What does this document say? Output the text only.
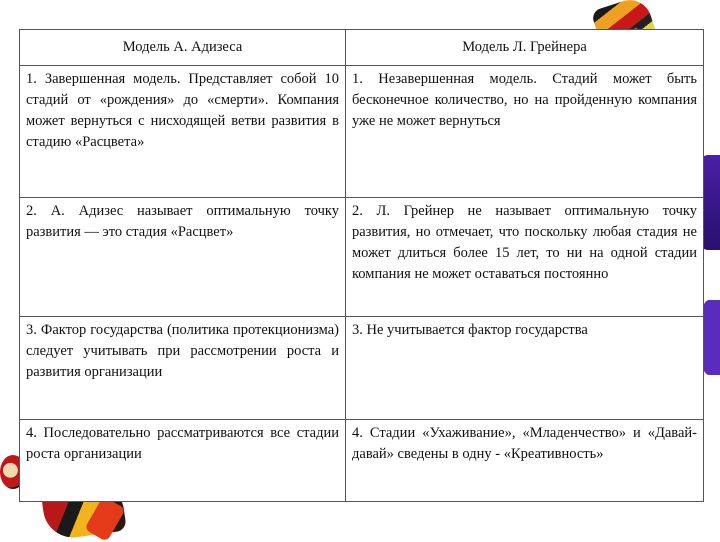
Модель А. Адизеса	Модель Л. Грейнера
1. Завершенная модель. Представляет собой 10 стадий от «рождения» до «смерти». Компания может вернуться с нисходящей ветви развития в стадию «Расцвета»	1. Незавершенная модель. Стадий может быть бесконечное количество, но на пройденную компания уже не может вернуться
2. А. Адизес называет оптимальную точку развития — это стадия «Расцвет»	2. Л. Грейнер не называет оптимальную точку развития, но отмечает, что поскольку любая стадия не может длиться более 15 лет, то ни на одной стадии компания не может оставаться постоянно
3. Фактор государства (политика протекционизма) следует учитывать при рассмотрении роста и развития организации	3. Не учитывается фактор государства
4. Последовательно рассматриваются все стадии роста организации	4. Стадии «Ухаживание», «Младенчество» и «Давай-давай» сведены в одну - «Креативность»
